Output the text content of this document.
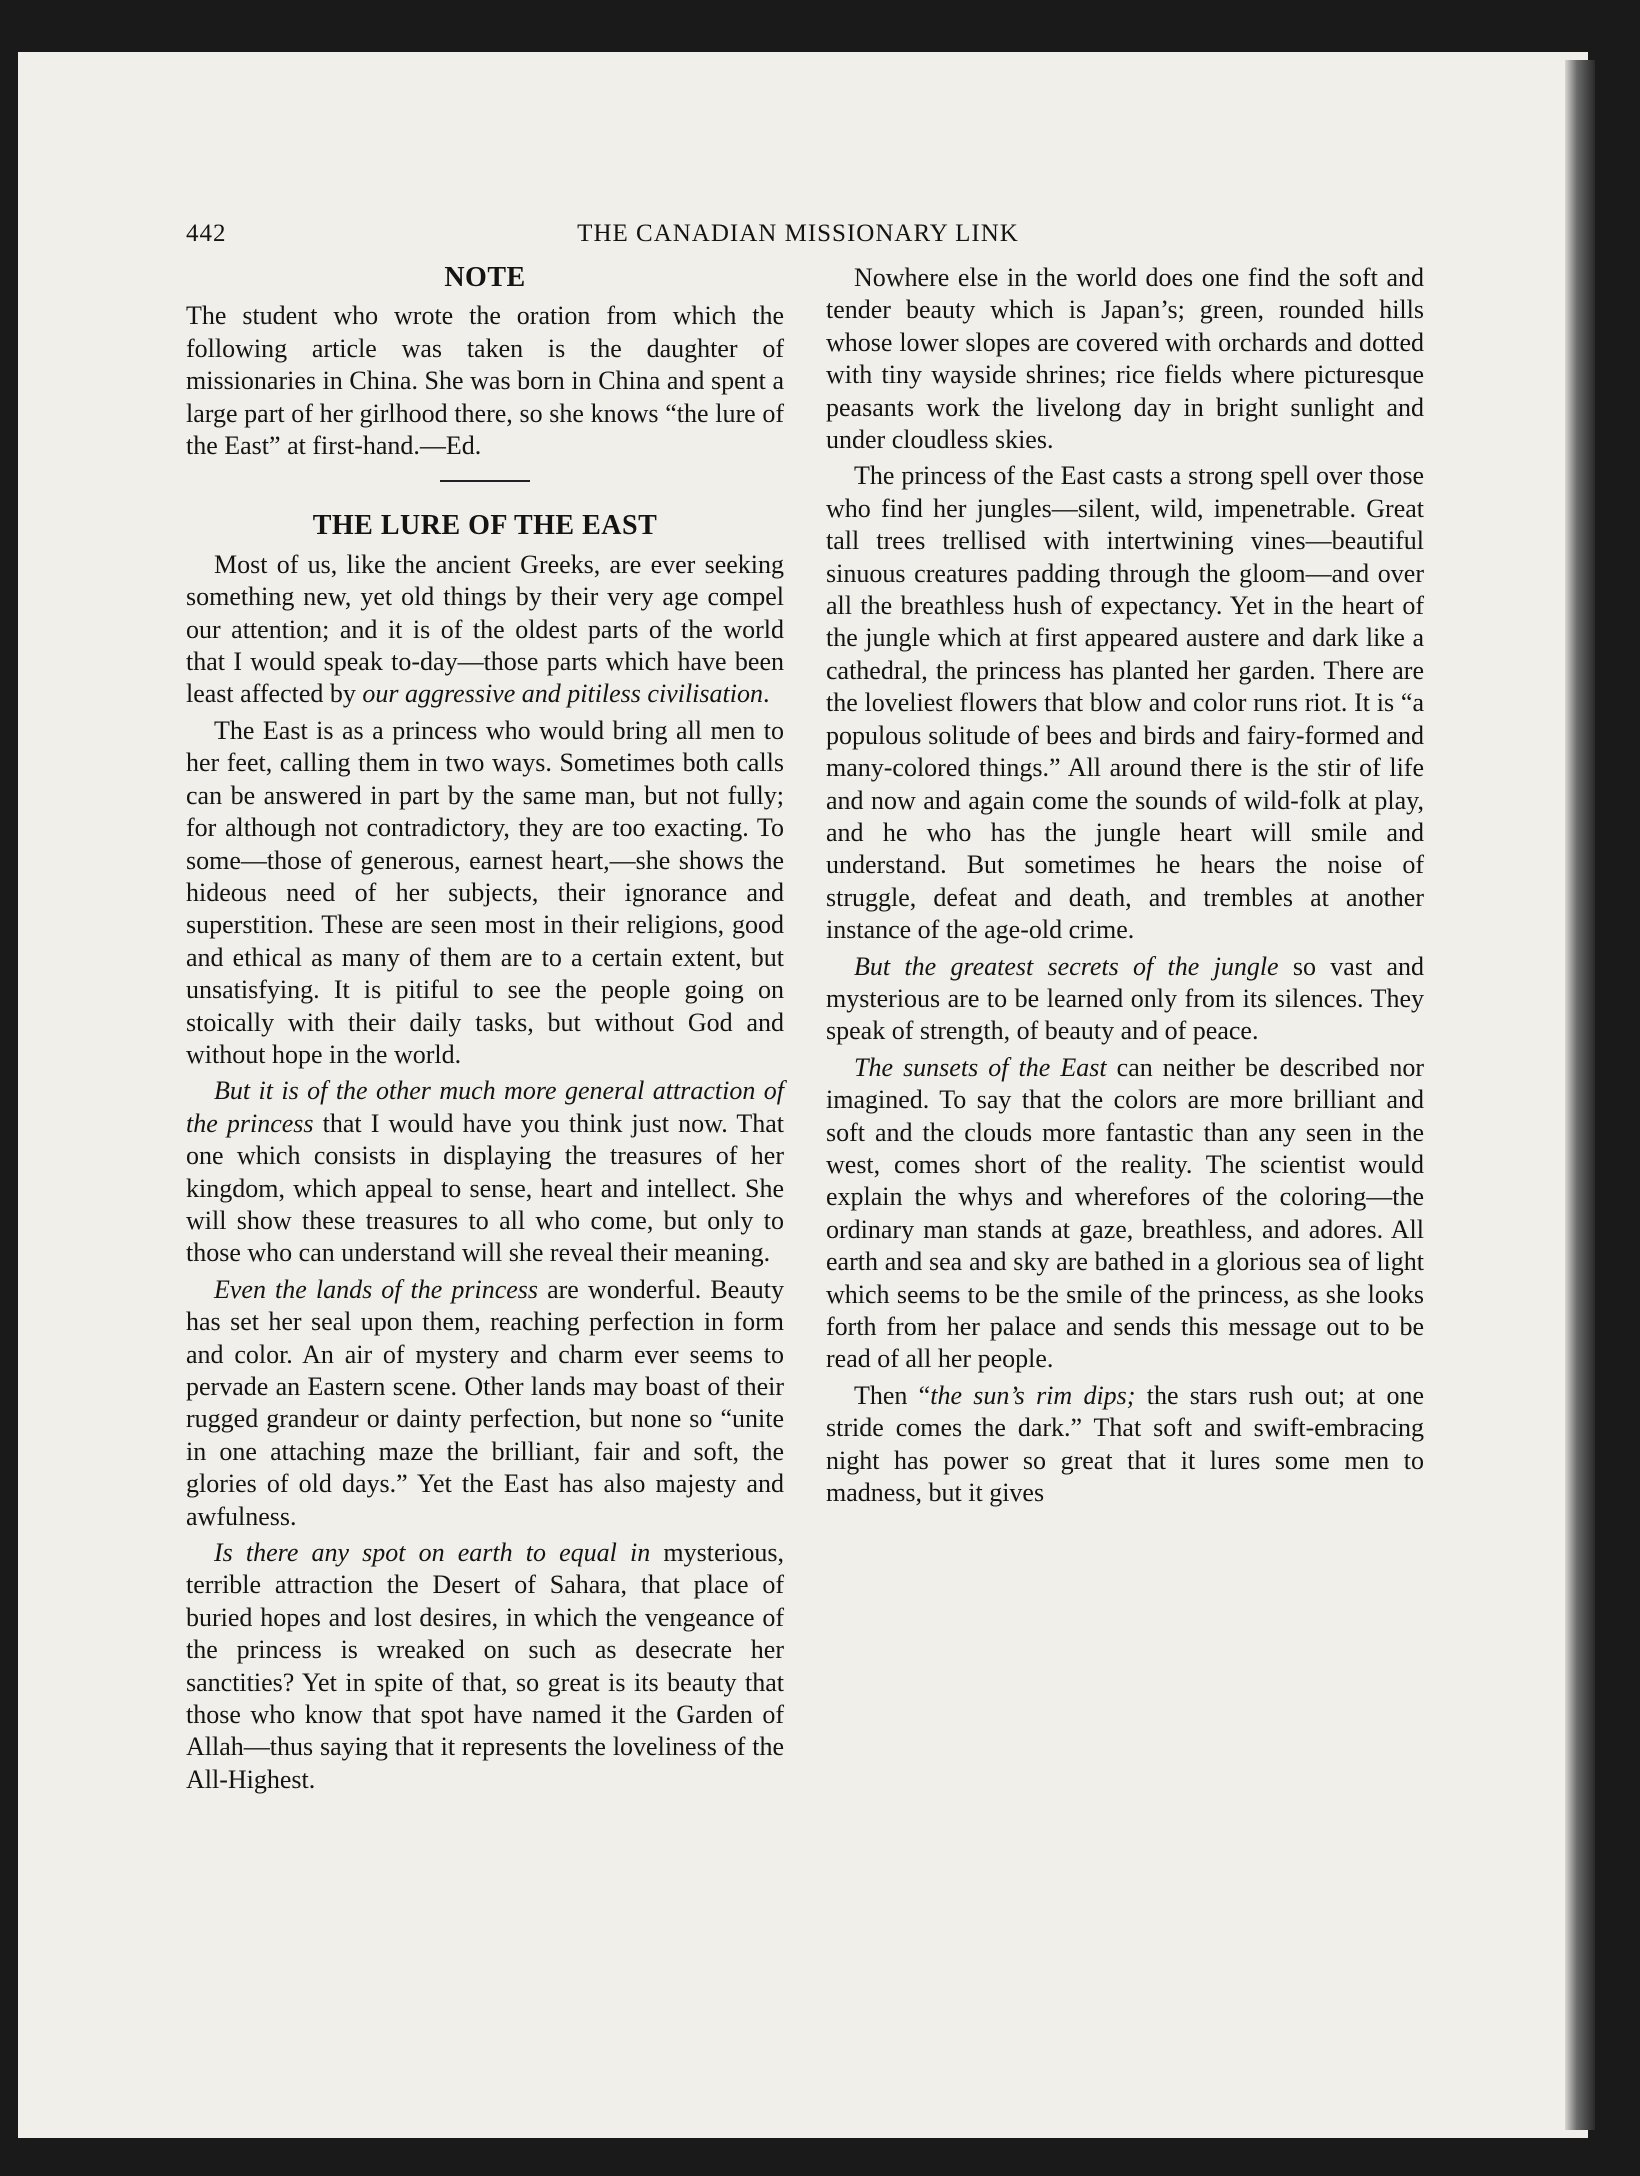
442	THE CANADIAN MISSIONARY LINK
NOTE

The student who wrote the oration from which the following article was taken is the daughter of missionaries in China. She was born in China and spent a large part of her girlhood there, so she knows “the lure of the East” at first-hand.—Ed.

THE LURE OF THE EAST

Most of us, like the ancient Greeks, are ever seeking something new, yet old things by their very age compel our attention; and it is of the oldest parts of the world that I would speak to-day—those parts which have been least affected by our aggressive and pitiless civilisation.

The East is as a princess who would bring all men to her feet, calling them in two ways. Sometimes both calls can be answered in part by the same man, but not fully; for although not contradictory, they are too exacting. To some—those of generous, earnest heart,—she shows the hideous need of her subjects, their ignorance and superstition. These are seen most in their religions, good and ethical as many of them are to a certain extent, but unsatisfying. It is pitiful to see the people going on stoically with their daily tasks, but without God and without hope in the world.

But it is of the other much more general attraction of the princess that I would have you think just now. That one which consists in displaying the treasures of her kingdom, which appeal to sense, heart and intellect. She will show these treasures to all who come, but only to those who can understand will she reveal their meaning.

Even the lands of the princess are wonderful. Beauty has set her seal upon them, reaching perfection in form and color. An air of mystery and charm ever seems to pervade an Eastern scene. Other lands may boast of their rugged grandeur or dainty perfection, but none so “unite in one attaching maze the brilliant, fair and soft, the glories of old days.” Yet the East has also majesty and awfulness.

Is there any spot on earth to equal in mysterious, terrible attraction the Desert of Sahara, that place of buried hopes and lost desires, in which the vengeance of the princess is wreaked on such as desecrate her sanctities? Yet in spite of that, so great is its beauty that those who know that spot have named it the Garden of Allah—thus saying that it represents the loveliness of the All-Highest.

Nowhere else in the world does one find the soft and tender beauty which is Japan’s; green, rounded hills whose lower slopes are covered with orchards and dotted with tiny wayside shrines; rice fields where picturesque peasants work the livelong day in bright sunlight and under cloudless skies.

The princess of the East casts a strong spell over those who find her jungles—silent, wild, impenetrable. Great tall trees trellised with intertwining vines—beautiful sinuous creatures padding through the gloom—and over all the breathless hush of expectancy. Yet in the heart of the jungle which at first appeared austere and dark like a cathedral, the princess has planted her garden. There are the loveliest flowers that blow and color runs riot. It is “a populous solitude of bees and birds and fairy-formed and many-colored things.” All around there is the stir of life and now and again come the sounds of wild-folk at play, and he who has the jungle heart will smile and understand. But sometimes he hears the noise of struggle, defeat and death, and trembles at another instance of the age-old crime.

But the greatest secrets of the jungle so vast and mysterious are to be learned only from its silences. They speak of strength, of beauty and of peace.

The sunsets of the East can neither be described nor imagined. To say that the colors are more brilliant and soft and the clouds more fantastic than any seen in the west, comes short of the reality. The scientist would explain the whys and wherefores of the coloring—the ordinary man stands at gaze, breathless, and adores. All earth and sea and sky are bathed in a glorious sea of light which seems to be the smile of the princess, as she looks forth from her palace and sends this message out to be read of all her people.

Then “the sun’s rim dips; the stars rush out; at one stride comes the dark.” That soft and swift-embracing night has power so great that it lures some men to madness, but it gives
